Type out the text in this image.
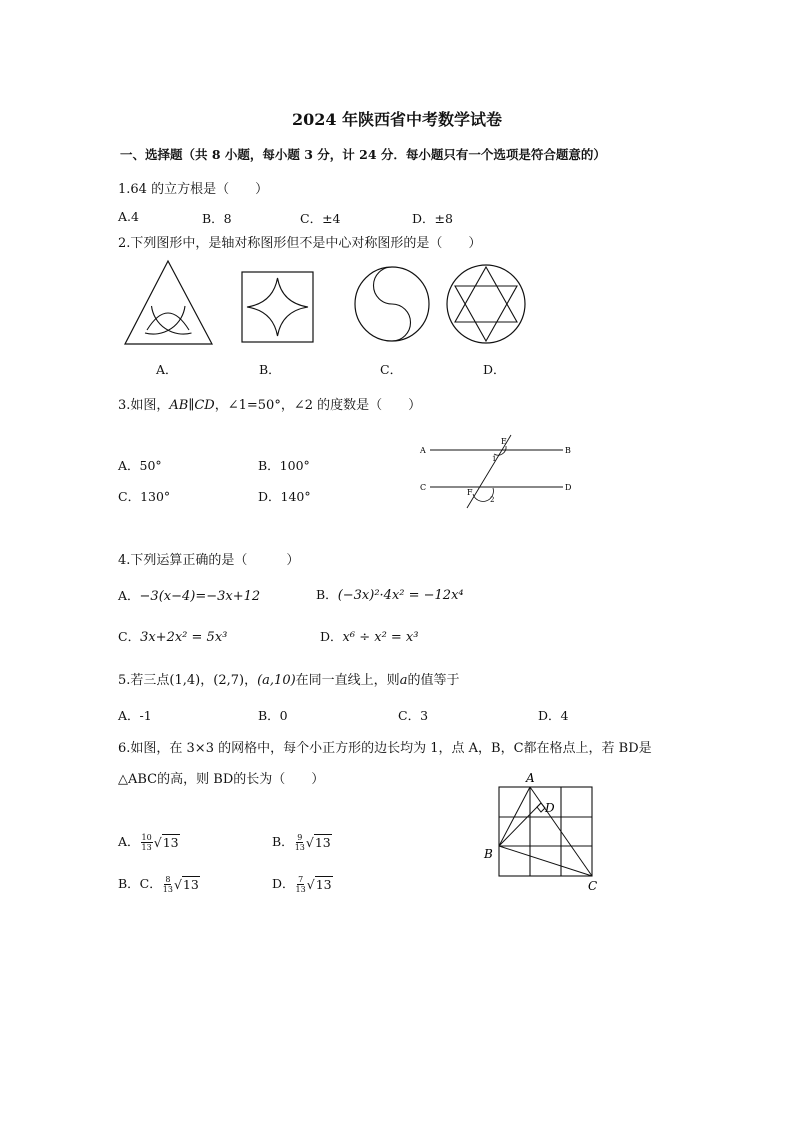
2024 年陕西省中考数学试卷
一、选择题（共 8 小题，每小题 3 分，计 24 分．每小题只有一个选项是符合题意的）
1.64 的立方根是（　　）
A.4	B．8	C．±4	D．±8
2.下列图形中，是轴对称图形但不是中心对称图形的是（　　）
A．	B．	C．	D．
3.如图，AB∥CD，∠1=50°，∠2 的度数是（　　）
A．50°	B．100°
C．130°	D．140°
A	B
C	D
E
F
1
2
4.下列运算正确的是（　　　）
A．−3(x−4)=−3x+12	B．(−3x)²·4x² = −12x⁴
C．3x+2x² = 5x³	D．x⁶ ÷ x² = x³
5.若三点(1,4)，(2,7)，(a,10)在同一直线上，则a的值等于
A．-1	B．0	C．3	D．4
6.如图，在 3×3 的网格中，每个小正方形的边长均为 1，点 A，B，C都在格点上，若 BD是
△ABC的高，则 BD的长为（　　）
A． $\frac{10}{13} √13$	B． $\frac{9}{13} √13$
B．C． $\frac{8}{13} √13$	D． $\frac{7}{13} √13$
A
B
C
D
